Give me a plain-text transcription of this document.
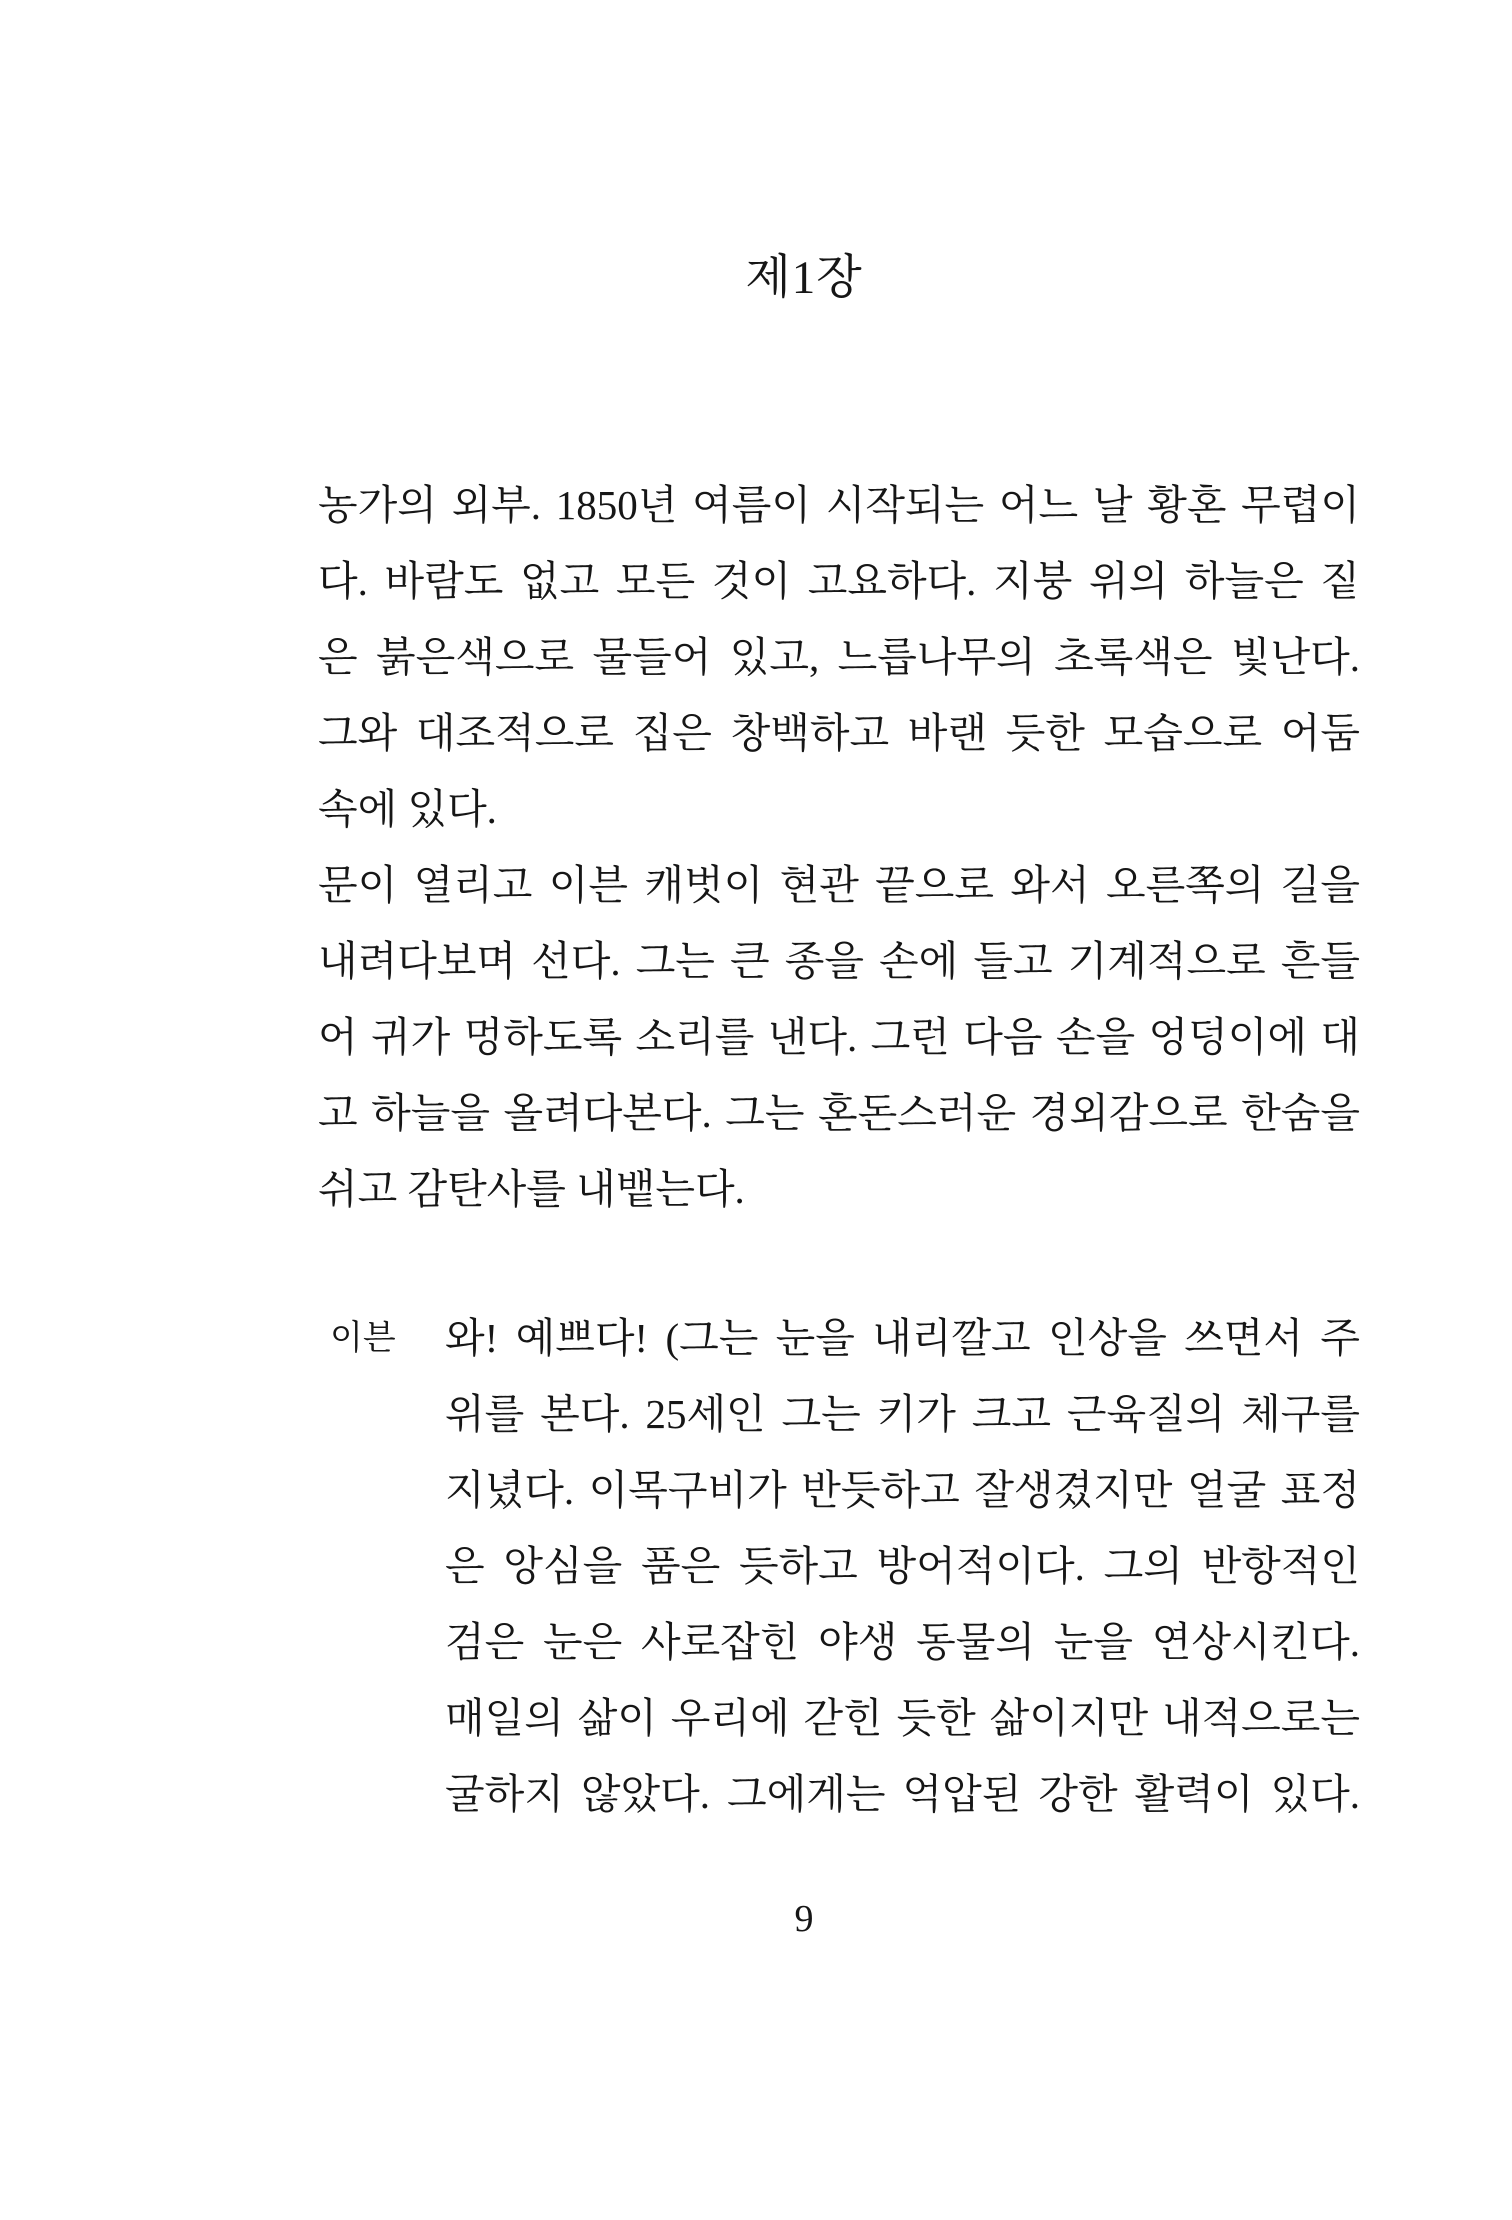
제1장
농가의 외부. 1850년 여름이 시작되는 어느 날 황혼 무렵이
다. 바람도 없고 모든 것이 고요하다. 지붕 위의 하늘은 짙
은 붉은색으로 물들어 있고, 느릅나무의 초록색은 빛난다.
그와 대조적으로 집은 창백하고 바랜 듯한 모습으로 어둠
속에 있다.
문이 열리고 이븐 캐벗이 현관 끝으로 와서 오른쪽의 길을
내려다보며 선다. 그는 큰 종을 손에 들고 기계적으로 흔들
어 귀가 멍하도록 소리를 낸다. 그런 다음 손을 엉덩이에 대
고 하늘을 올려다본다. 그는 혼돈스러운 경외감으로 한숨을
쉬고 감탄사를 내뱉는다.
이븐 와! 예쁘다! (그는 눈을 내리깔고 인상을 쓰면서 주
위를 본다. 25세인 그는 키가 크고 근육질의 체구를
지녔다. 이목구비가 반듯하고 잘생겼지만 얼굴 표정
은 앙심을 품은 듯하고 방어적이다. 그의 반항적인
검은 눈은 사로잡힌 야생 동물의 눈을 연상시킨다.
매일의 삶이 우리에 갇힌 듯한 삶이지만 내적으로는
굴하지 않았다. 그에게는 억압된 강한 활력이 있다.
9
